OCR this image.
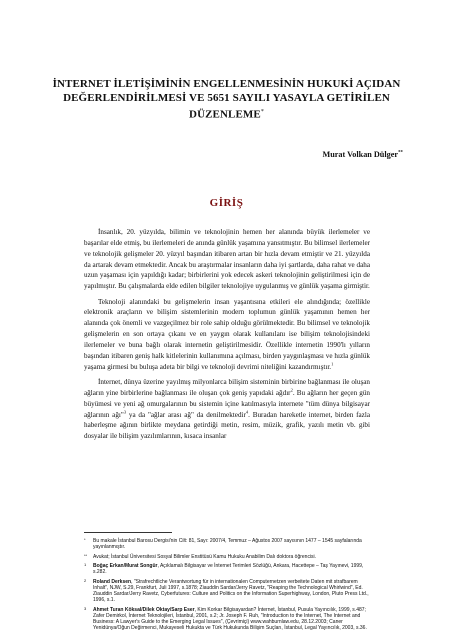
İNTERNET İLETİŞİMİNİN ENGELLENMESİNİN HUKUKİ AÇIDAN
DEĞERLENDİRİLMESİ VE 5651 SAYILI YASAYLA GETİRİLEN
DÜZENLEME*
Murat Volkan Dülger**
GİRİŞ

İnsanlık, 20. yüzyılda, bilimin ve teknolojinin hemen her alanında büyük ilerlemeler ve başarılar elde etmiş, bu ilerlemeleri de anında günlük yaşamına yansıtmıştır. Bu bilimsel ilerlemeler ve teknolojik gelişmeler 20. yüzyıl başından itibaren artan bir hızla devam etmiştir ve 21. yüzyılda da artarak devam etmektedir. Ancak bu araştırmalar insanların daha iyi şartlarda, daha rahat ve daha uzun yaşaması için yapıldığı kadar; birbirlerini yok edecek askeri teknolojinin geliştirilmesi için de yapılmıştır. Bu çalışmalarda elde edilen bilgiler teknolojiye uygulanmış ve günlük yaşama girmiştir.

Teknoloji alanındaki bu gelişmelerin insan yaşantısına etkileri ele alındığında; özellikle elektronik araçların ve bilişim sistemlerinin modern toplumun günlük yaşamının hemen her alanında çok önemli ve vazgeçilmez bir role sahip olduğu görülmektedir. Bu bilimsel ve teknolojik gelişmelerin en son ortaya çıkanı ve en yaygın olarak kullanılanı ise bilişim teknolojisindeki ilerlemeler ve buna bağlı olarak internetin geliştirilmesidir. Özellikle internetin 1990'lı yılların başından itibaren geniş halk kitlelerinin kullanımına açılması, birden yaygınlaşması ve hızla günlük yaşama girmesi bu buluşa adeta bir bilgi ve teknoloji devrimi niteliğini kazandırmıştır.$^1$

İnternet, dünya üzerine yayılmış milyonlarca bilişim sisteminin birbirine bağlanması ile oluşan ağların yine birbirlerine bağlanması ile oluşan çok geniş yapıdaki ağdır$^2$. Bu ağların her geçen gün büyümesi ve yeni ağ omurgalarının bu sistemin içine katılmasıyla internete "tüm dünya bilgisayar ağlarının ağı"$^3$ ya da "ağlar arası ağ" da denilmektedir$^4$. Buradan hareketle internet, birden fazla haberleşme ağının birlikte meydana getirdiği metin, resim, müzik, grafik, yazılı metin vb. gibi dosyalar ile bilişim yazılımlarının, kısaca insanlar

* Bu makale İstanbul Barosu Dergisi'nin Cilt: 81, Sayı: 2007/4, Temmuz – Ağustos 2007 sayısının 1477 – 1545 sayfalarında yayınlanmıştır.
** Avukat; İstanbul Üniversitesi Sosyal Bilimler Enstitüsü Kamu Hukuku Anabilim Dalı doktora öğrencisi.
1 Boğaç Erkan/Murat Songür, Açıklamalı Bilgisayar ve İnternet Terimleri Sözlüğü, Ankara, Hacettepe – Taş Yayınevi, 1999, s.282.
2 Roland Derksen, "Strafrechtliche Verantwortung für in internationalen Computernetzen verbeitete Daten mit strafbarem Inhalt", NJW, S.29, Frankfurt, Juli 1997, s.1878; Ziauddin Sardar/Jerry Ravetz, "Reaping the Technological Whirlwind", Ed. Ziauddin Sardar/Jerry Ravetz, Cyberfutures: Culture and Politics on the Information Superhighway, London, Pluto Press Ltd., 1996, s.1.
3 Ahmet Turan Köksal/Dilek Oktay/Sarp Eser, Kim Korkar Bilgisayardan? İnternet, İstanbul, Pusula Yayıncılık, 1999, s.487; Zafer Demirkol, İnternet Teknolojileri, İstanbul, 2001, s.2; Jr. Joseph F. Ruh, "Introduction to the Internet, The Internet and Business: A Lawyer's Guide to the Emerging Legal Issues", (Çevrimiçi) www.wahburnlaw.edu, 28.12.2003; Caner Yenidünya/Oğun Değirmenci, Mukayeseli Hukukta ve Türk Hukukunda Bilişim Suçları, İstanbul, Legal Yayıncılık, 2003, s.36.
